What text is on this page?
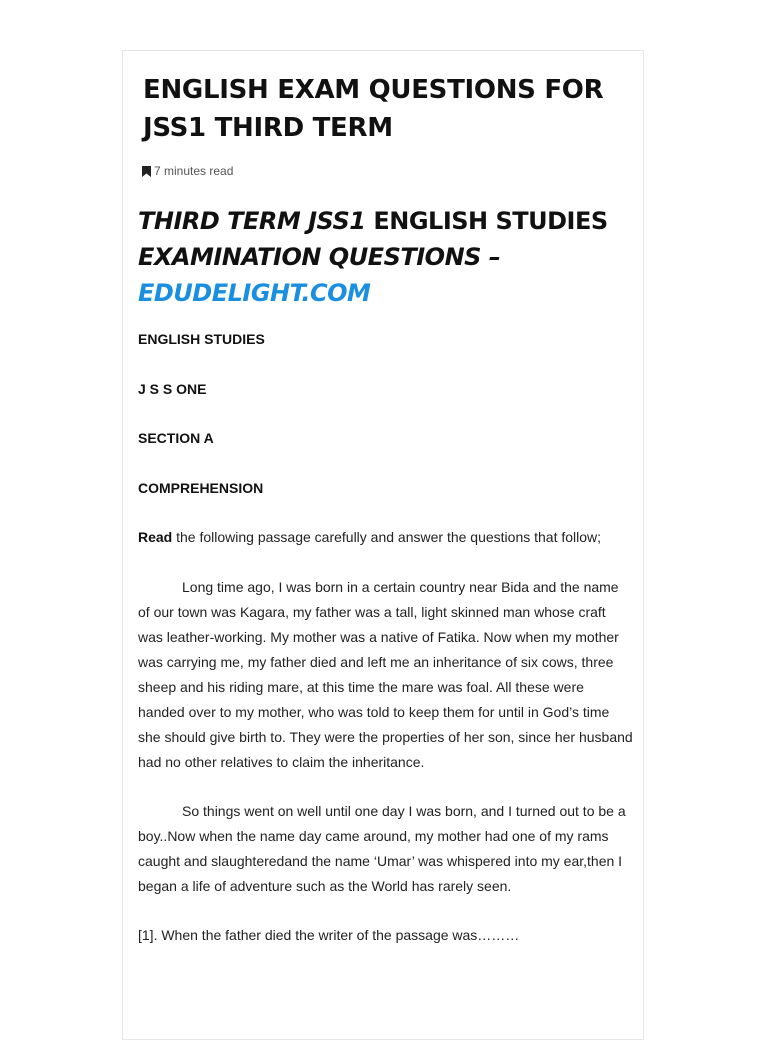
ENGLISH EXAM QUESTIONS FOR JSS1 THIRD TERM
7 minutes read
THIRD TERM JSS1 ENGLISH STUDIES EXAMINATION QUESTIONS –
EDUDELIGHT.COM

ENGLISH STUDIES

J S S ONE

SECTION A

COMPREHENSION

Read the following passage carefully and answer the questions that follow;

Long time ago, I was born in a certain country near Bida and the name of our town was Kagara, my father was a tall, light skinned man whose craft was leather-working. My mother was a native of Fatika. Now when my mother was carrying me, my father died and left me an inheritance of six cows, three sheep and his riding mare, at this time the mare was foal. All these were handed over to my mother, who was told to keep them for until in God’s time she should give birth to. They were the properties of her son, since her husband had no other relatives to claim the inheritance.

So things went on well until one day I was born, and I turned out to be a boy..Now when the name day came around, my mother had one of my rams caught and slaughteredand the name ‘Umar’ was whispered into my ear,then I began a life of adventure such as the World has rarely seen.

[1]. When the father died the writer of the passage was………
